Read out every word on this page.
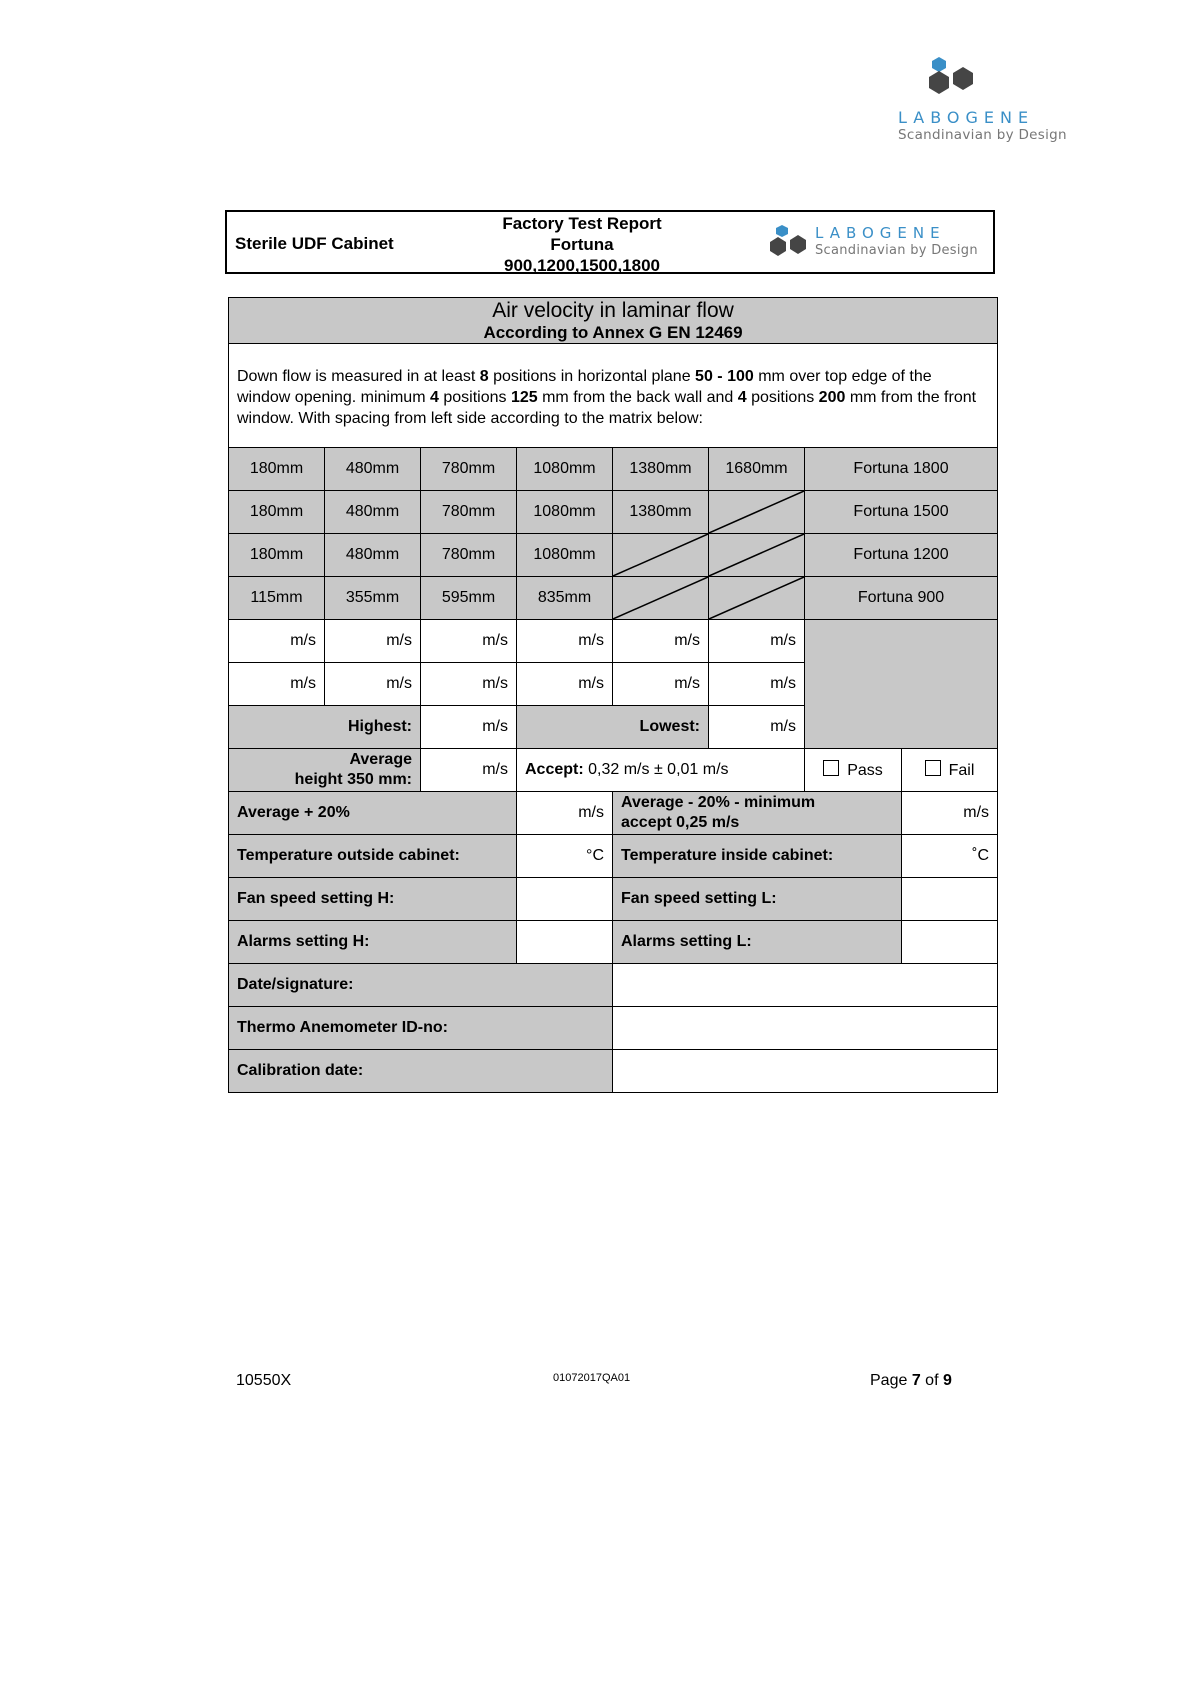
LABOGENE
Scandinavian by Design
Sterile UDF Cabinet
Factory Test Report
Fortuna
900,1200,1500,1800
LABOGENE
Scandinavian by Design
Air velocity in laminar flow
According to Annex G EN 12469							

Down flow is measured in at least 8 positions in horizontal plane 50 - 100 mm over top edge of the window opening. minimum 4 positions 125 mm from the back wall and 4 positions 200 mm from the front window. With spacing from left side according to the matrix below:							
180mm	480mm	780mm	1080mm	1380mm	1680mm	Fortuna 1800	
180mm	480mm	780mm	1080mm	1380mm		Fortuna 1500	
180mm	480mm	780mm	1080mm			Fortuna 1200	
115mm	355mm	595mm	835mm			Fortuna 900	
m/s	m/s	m/s	m/s	m/s	m/s		
m/s	m/s	m/s	m/s	m/s	m/s		
Highest:		m/s	Lowest:		m/s		

Average
height 350 mm:		m/s	Accept: 0,32 m/s ± 0,01 m/s			Pass	Fail
Average + 20%			m/s	Average - 20% - minimum
accept 0,25 m/s			m/s
Temperature outside cabinet:			°C	Temperature inside cabinet:			˚C
Fan speed setting H:				Fan speed setting L:			
Alarms setting H:				Alarms setting L:			
Date/signature:							
Thermo Anemometer ID-no:							
Calibration date:							
10550X	01072017QA01	Page 7 of 9
